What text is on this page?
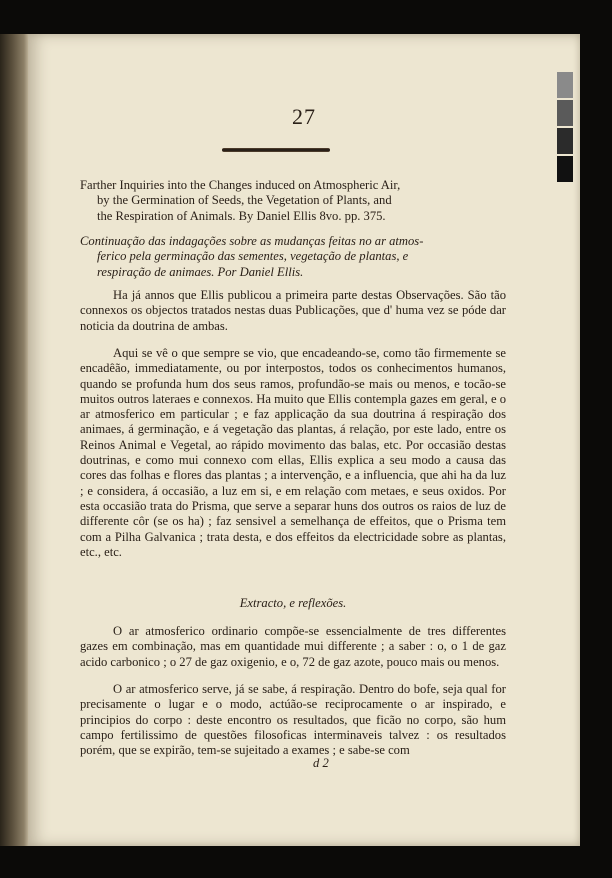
27
Farther Inquiries into the Changes induced on Atmospheric Air,
by the Germination of Seeds, the Vegetation of Plants, and
the Respiration of Animals. By Daniel Ellis 8vo. pp. 375.
Continuação das indagações sobre as mudanças feitas no ar atmos-
ferico pela germinação das sementes, vegetação de plantas, e
respiração de animaes. Por Daniel Ellis.
Ha já annos que Ellis publicou a primeira parte destas Observações. São tão connexos os objectos tratados nestas duas Publicações, que d' huma vez se póde dar noticia da doutrina de ambas.
Aqui se vê o que sempre se vio, que encadeando-se, como tão firmemente se encadêão, immediatamente, ou por interpostos, todos os conhecimentos humanos, quando se profunda hum dos seus ramos, profundão-se mais ou menos, e tocão-se muitos outros lateraes e connexos. Ha muito que Ellis contempla gazes em geral, e o ar atmosferico em particular ; e faz applicação da sua doutrina á respiração dos animaes, á germinação, e á vegetação das plantas, á relação, por este lado, entre os Reinos Animal e Vegetal, ao rápido movimento das balas, etc. Por occasião destas doutrinas, e como mui connexo com ellas, Ellis explica a seu modo a causa das cores das folhas e flores das plantas ; a intervenção, e a influencia, que ahi ha da luz ; e considera, á occasião, a luz em si, e em relação com metaes, e seus oxidos. Por esta occasião trata do Prisma, que serve a separar huns dos outros os raios de luz de differente côr (se os ha) ; faz sensivel a semelhança de effeitos, que o Prisma tem com a Pilha Galvanica ; trata desta, e dos effeitos da electricidade sobre as plantas, etc., etc.
Extracto, e reflexões.
O ar atmosferico ordinario compõe-se essencialmente de tres differentes gazes em combinação, mas em quantidade mui differente ; a saber : o, o 1 de gaz acido carbonico ; o 27 de gaz oxigenio, e o, 72 de gaz azote, pouco mais ou menos.
O ar atmosferico serve, já se sabe, á respiração. Dentro do bofe, seja qual for precisamente o lugar e o modo, actúão-se reciprocamente o ar inspirado, e principios do corpo : deste encontro os resultados, que ficão no corpo, são hum campo fertilissimo de questões filosoficas interminaveis talvez : os resultados porém, que se expirão, tem-se sujeitado a exames ; e sabe-se com
d 2
